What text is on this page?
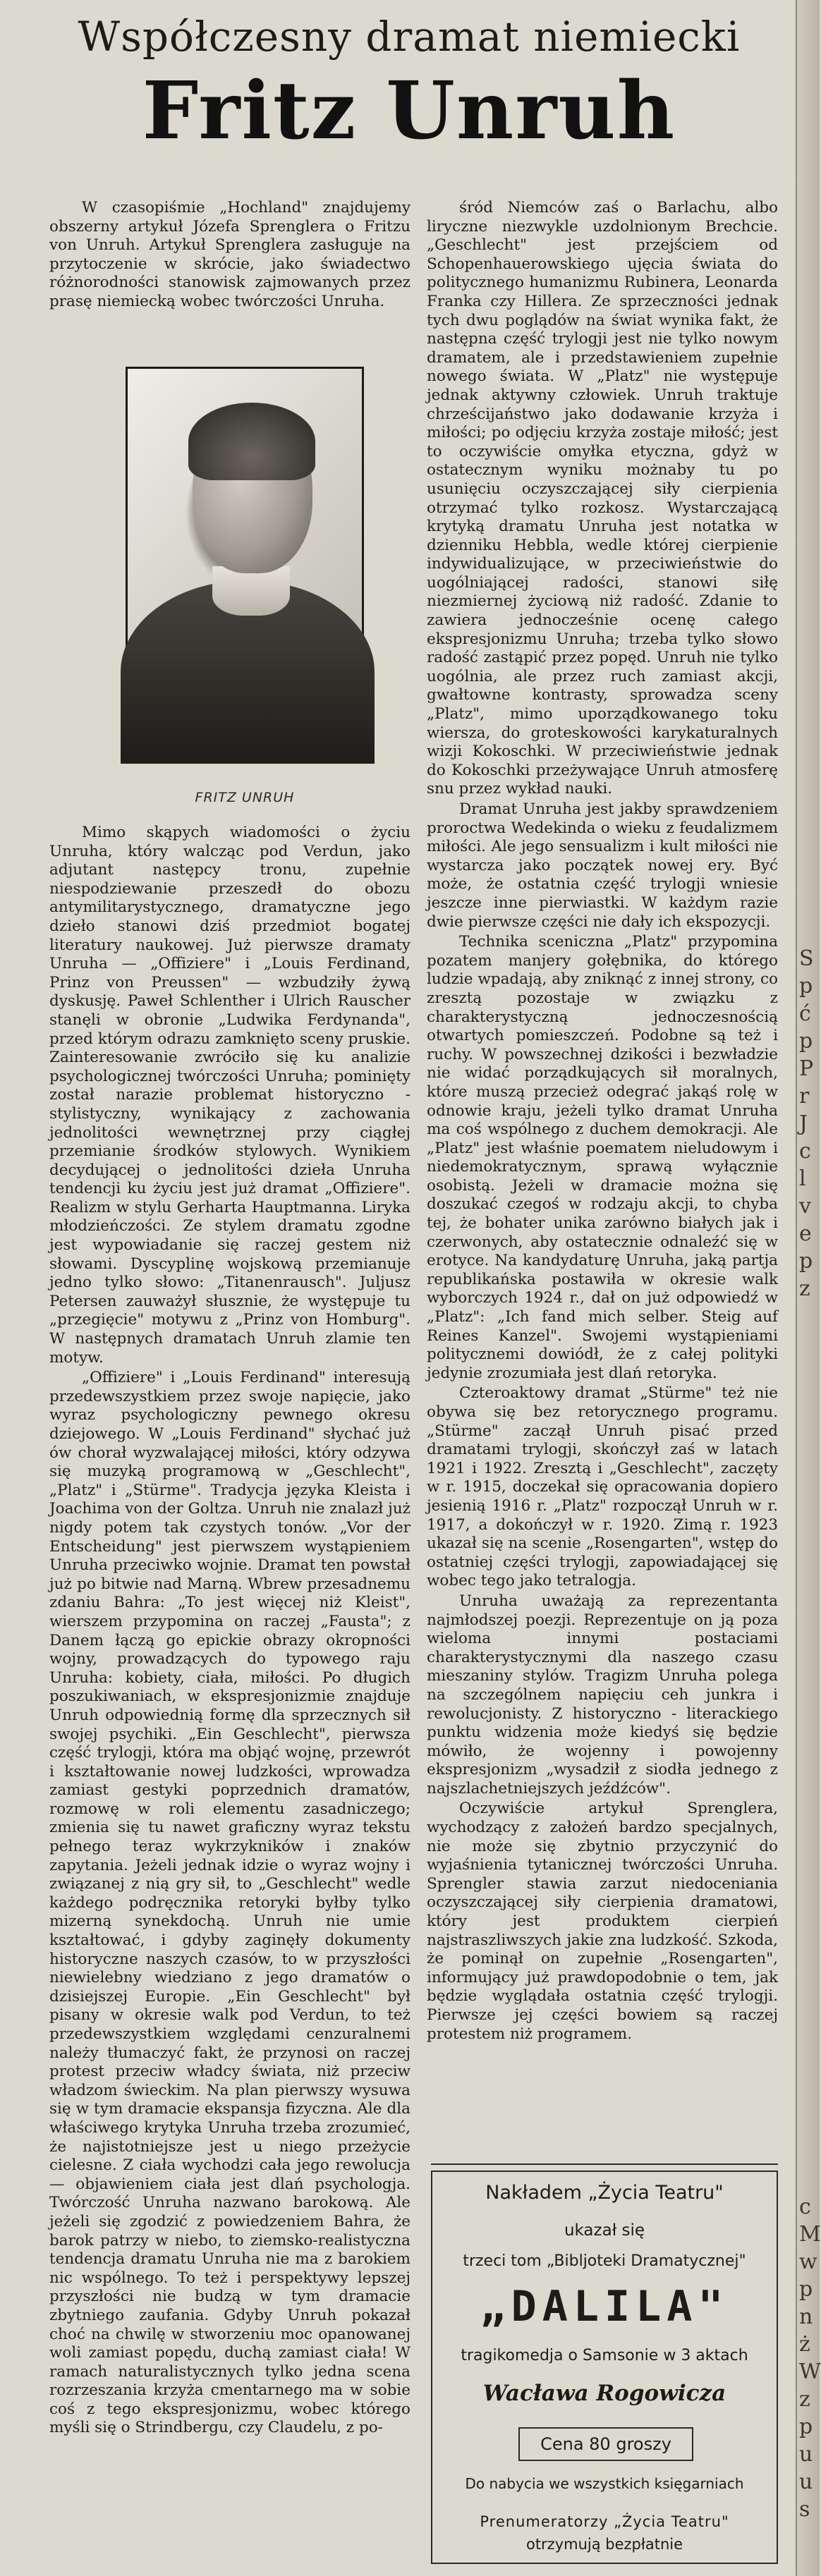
Współczesny dramat niemiecki
Fritz Unruh

W czasopiśmie „Hochland" znajdujemy obszerny artykuł Józefa Sprenglera o Fritzu von Unruh. Artykuł Sprenglera zasługuje na przytoczenie w skrócie, jako świadectwo różnorodności stanowisk zajmowanych przez prasę niemiecką wobec twórczości Unruha.

FRITZ UNRUH

Mimo skąpych wiadomości o życiu Unruha, który walcząc pod Verdun, jako adjutant następcy tronu, zupełnie niespodziewanie przeszedł do obozu antymilitarystycznego, dramatyczne jego dzieło stanowi dziś przedmiot bogatej literatury naukowej. Już pierwsze dramaty Unruha — „Offiziere" i „Louis Ferdinand, Prinz von Preussen" — wzbudziły żywą dyskusję. Paweł Schlenther i Ulrich Rauscher stanęli w obronie „Ludwika Ferdynanda", przed którym odrazu zamknięto sceny pruskie. Zainteresowanie zwróciło się ku analizie psychologicznej twórczości Unruha; pominięty został narazie problemat historyczno - stylistyczny, wynikający z zachowania jednolitości wewnętrznej przy ciągłej przemianie środków stylowych. Wynikiem decydującej o jednolitości dzieła Unruha tendencji ku życiu jest już dramat „Offiziere". Realizm w stylu Gerharta Hauptmanna. Liryka młodzieńczości. Ze stylem dramatu zgodne jest wypowiadanie się raczej gestem niż słowami. Dyscyplinę wojskową przemianuje jedno tylko słowo: „Titanenrausch". Juljusz Petersen zauważył słusznie, że występuje tu „przegięcie" motywu z „Prinz von Homburg". W następnych dramatach Unruh zlamie ten motyw.

„Offiziere" i „Louis Ferdinand" interesują przedewszystkiem przez swoje napięcie, jako wyraz psychologiczny pewnego okresu dziejowego. W „Louis Ferdinand" słychać już ów chorał wyzwalającej miłości, który odzywa się muzyką programową w „Geschlecht", „Platz" i „Stürme". Tradycja języka Kleista i Joachima von der Goltza. Unruh nie znalazł już nigdy potem tak czystych tonów. „Vor der Entscheidung" jest pierwszem wystąpieniem Unruha przeciwko wojnie. Dramat ten powstał już po bitwie nad Marną. Wbrew przesadnemu zdaniu Bahra: „To jest więcej niż Kleist", wierszem przypomina on raczej „Fausta"; z Danem łączą go epickie obrazy okropności wojny, prowadzących do typowego raju Unruha: kobiety, ciała, miłości. Po długich poszukiwaniach, w ekspresjonizmie znajduje Unruh odpowiednią formę dla sprzecznych sił swojej psychiki. „Ein Geschlecht", pierwsza część trylogji, która ma objąć wojnę, przewrót i kształtowanie nowej ludzkości, wprowadza zamiast gestyki poprzednich dramatów, rozmowę w roli elementu zasadniczego; zmienia się tu nawet graficzny wyraz tekstu pełnego teraz wykrzykników i znaków zapytania. Jeżeli jednak idzie o wyraz wojny i związanej z nią gry sił, to „Geschlecht" wedle każdego podręcznika retoryki byłby tylko mizerną synekdochą. Unruh nie umie kształtować, i gdyby zaginęły dokumenty historyczne naszych czasów, to w przyszłości niewielebny wiedziano z jego dramatów o dzisiejszej Europie. „Ein Geschlecht" był pisany w okresie walk pod Verdun, to też przedewszystkiem względami cenzuralnemi należy tłumaczyć fakt, że przynosi on raczej protest przeciw władcy świata, niż przeciw władzom świeckim. Na plan pierwszy wysuwa się w tym dramacie ekspansja fizyczna. Ale dla właściwego krytyka Unruha trzeba zrozumieć, że najistotniejsze jest u niego przeżycie cielesne. Z ciała wychodzi cała jego rewolucja — objawieniem ciała jest dlań psychologja. Twórczość Unruha nazwano barokową. Ale jeżeli się zgodzić z powiedzeniem Bahra, że barok patrzy w niebo, to ziemsko-realistyczna tendencja dramatu Unruha nie ma z barokiem nic wspólnego. To też i perspektywy lepszej przyszłości nie budzą w tym dramacie zbytniego zaufania. Gdyby Unruh pokazał choć na chwilę w stworzeniu moc opanowanej woli zamiast popędu, duchą zamiast ciała! W ramach naturalistycznych tylko jedna scena rozrzeszania krzyża cmentarnego ma w sobie coś z tego ekspresjonizmu, wobec którego myśli się o Strindbergu, czy Claudelu, z po-

śród Niemców zaś o Barlachu, albo liryczne niezwykle uzdolnionym Brechcie. „Geschlecht" jest przejściem od Schopenhauerowskiego ujęcia świata do politycznego humanizmu Rubinera, Leonarda Franka czy Hillera. Ze sprzeczności jednak tych dwu poglądów na świat wynika fakt, że następna część trylogji jest nie tylko nowym dramatem, ale i przedstawieniem zupełnie nowego świata. W „Platz" nie występuje jednak aktywny człowiek. Unruh traktuje chrześcijaństwo jako dodawanie krzyża i miłości; po odjęciu krzyża zostaje miłość; jest to oczywiście omyłka etyczna, gdyż w ostatecznym wyniku możnaby tu po usunięciu oczyszczającej siły cierpienia otrzymać tylko rozkosz. Wystarczającą krytyką dramatu Unruha jest notatka w dzienniku Hebbla, wedle której cierpienie indywidualizujące, w przeciwieństwie do uogólniającej radości, stanowi siłę niezmiernej życiową niż radość. Zdanie to zawiera jednocześnie ocenę całego ekspresjonizmu Unruha; trzeba tylko słowo radość zastąpić przez popęd. Unruh nie tylko uogólnia, ale przez ruch zamiast akcji, gwałtowne kontrasty, sprowadza sceny „Platz", mimo uporządkowanego toku wiersza, do groteskowości karykaturalnych wizji Kokoschki. W przeciwieństwie jednak do Kokoschki przeżywające Unruh atmosferę snu przez wykład nauki.

Dramat Unruha jest jakby sprawdzeniem proroctwa Wedekinda o wieku z feudalizmem miłości. Ale jego sensualizm i kult miłości nie wystarcza jako początek nowej ery. Być może, że ostatnia część trylogji wniesie jeszcze inne pierwiastki. W każdym razie dwie pierwsze części nie dały ich ekspozycji.

Technika sceniczna „Platz" przypomina pozatem manjery gołębnika, do którego ludzie wpadają, aby zniknąć z innej strony, co zresztą pozostaje w związku z charakterystyczną jednoczesnością otwartych pomieszczeń. Podobne są też i ruchy. W powszechnej dzikości i bezwładzie nie widać porządkujących sił moralnych, które muszą przecież odegrać jakąś rolę w odnowie kraju, jeżeli tylko dramat Unruha ma coś wspólnego z duchem demokracji. Ale „Platz" jest właśnie poematem nieludowym i niedemokratycznym, sprawą wyłącznie osobistą. Jeżeli w dramacie można się doszukać czegoś w rodzaju akcji, to chyba tej, że bohater unika zarówno białych jak i czerwonych, aby ostatecznie odnaleźć się w erotyce. Na kandydaturę Unruha, jaką partja republikańska postawiła w okresie walk wyborczych 1924 r., dał on już odpowiedź w „Platz": „Ich fand mich selber. Steig auf Reines Kanzel". Swojemi wystąpieniami politycznemi dowiódł, że z całej polityki jedynie zrozumiała jest dlań retoryka.

Czteroaktowy dramat „Stürme" też nie obywa się bez retorycznego programu. „Stürme" zaczął Unruh pisać przed dramatami trylogji, skończył zaś w latach 1921 i 1922. Zresztą i „Geschlecht", zaczęty w r. 1915, doczekał się opracowania dopiero jesienią 1916 r. „Platz" rozpoczął Unruh w r. 1917, a dokończył w r. 1920. Zimą r. 1923 ukazał się na scenie „Rosengarten", wstęp do ostatniej części trylogji, zapowiadającej się wobec tego jako tetralogja.

Unruha uważają za reprezentanta najmłodszej poezji. Reprezentuje on ją poza wieloma innymi postaciami charakterystycznymi dla naszego czasu mieszaniny stylów. Tragizm Unruha polega na szczególnem napięciu ceh junkra i rewolucjonisty. Z historyczno - literackiego punktu widzenia może kiedyś się będzie mówiło, że wojenny i powojenny ekspresjonizm „wysadził z siodła jednego z najszlachetniejszych jeźdźców".

Oczywiście artykuł Sprenglera, wychodzący z założeń bardzo specjalnych, nie może się zbytnio przyczynić do wyjaśnienia tytanicznej twórczości Unruha. Sprengler stawia zarzut niedoceniania oczyszczającej siły cierpienia dramatowi, który jest produktem cierpień najstraszliwszych jakie zna ludzkość. Szkoda, że pominął on zupełnie „Rosengarten", informujący już prawdopodobnie o tem, jak będzie wyglądała ostatnia część trylogji. Pierwsze jej części bowiem są raczej protestem niż programem.

Nakładem „Życia Teatru"
ukazał się
trzeci tom „Bibljoteki Dramatycznej"
„DALILA"
tragikomedja o Samsonie w 3 aktach
Wacława Rogowicza
Cena 80 groszy
Do nabycia we wszystkich księgarniach
Prenumeratorzy „Życia Teatru"
otrzymują bezpłatnie
S
p
ć
p
P
r
J
c
l
v
e
p
z
c
M
w
p
n
ż
W
z
p
u
u
s
